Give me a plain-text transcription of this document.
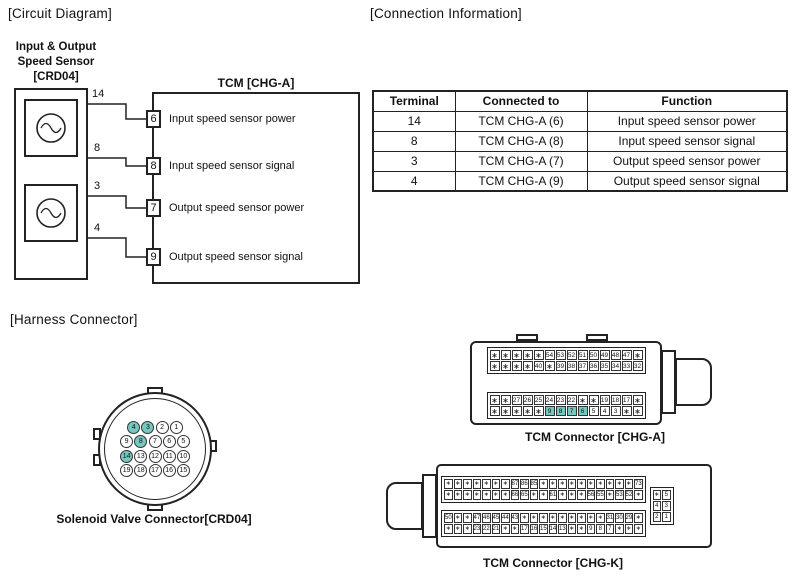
[Circuit Diagram]	[Connection Information]
[Harness Connector]
Input & Output
Speed Sensor
[CRD04]
14
8
3
4
TCM [CHG-A]
6	Input speed sensor power
8	Input speed sensor signal
7	Output speed sensor power
9	Output speed sensor signal
Terminal	Connected to	Function
14	TCM CHG-A (6)	Input speed sensor power
8	TCM CHG-A (8)	Input speed sensor signal
3	TCM CHG-A (7)	Output speed sensor power
4	TCM CHG-A (9)	Output speed sensor signal
4	3	2	1
9	8	7	6	5
14 13 12 11 10
19 18 17 16 15
Solenoid Valve Connector[CRD04]
∗ ∗ ∗ ∗ ∗ 54 53 52 51 50 49 48 47 ∗
∗ ∗ ∗ ∗ 40 ∗ 39 38 37 36 35 34 33 32
∗ ∗ 27 26 25 24 23 22 ∗ ∗ 19 18 17 ∗
∗ ∗ ∗ ∗ ∗ 9	8	7	6	5	4	3 ∗ ∗
TCM Connector [CHG-A]
∗ ∗ ∗ ∗ ∗ ∗ ∗ 87 86 85 ∗ ∗ ∗ ∗ ∗ ∗ ∗ ∗ ∗ ∗ 73
∗ ∗ ∗ ∗ ∗ ∗ ∗ 66 65 ∗ ∗ 61 ∗ ∗ ∗ 56 55 ∗ 53 52 ∗
50 ∗ ∗ 47 46 45 44 43 ∗ ∗ ∗ ∗ ∗ ∗ ∗ ∗ ∗ 31 30 29 ∗
∗ ∗ ∗ 23 22 21 ∗ ∗ 17 16 15 14 13 ∗ ∗ 9	8	7 ∗ ∗ ∗
∗ 5
4	3
2	1
TCM Connector [CHG-K]
